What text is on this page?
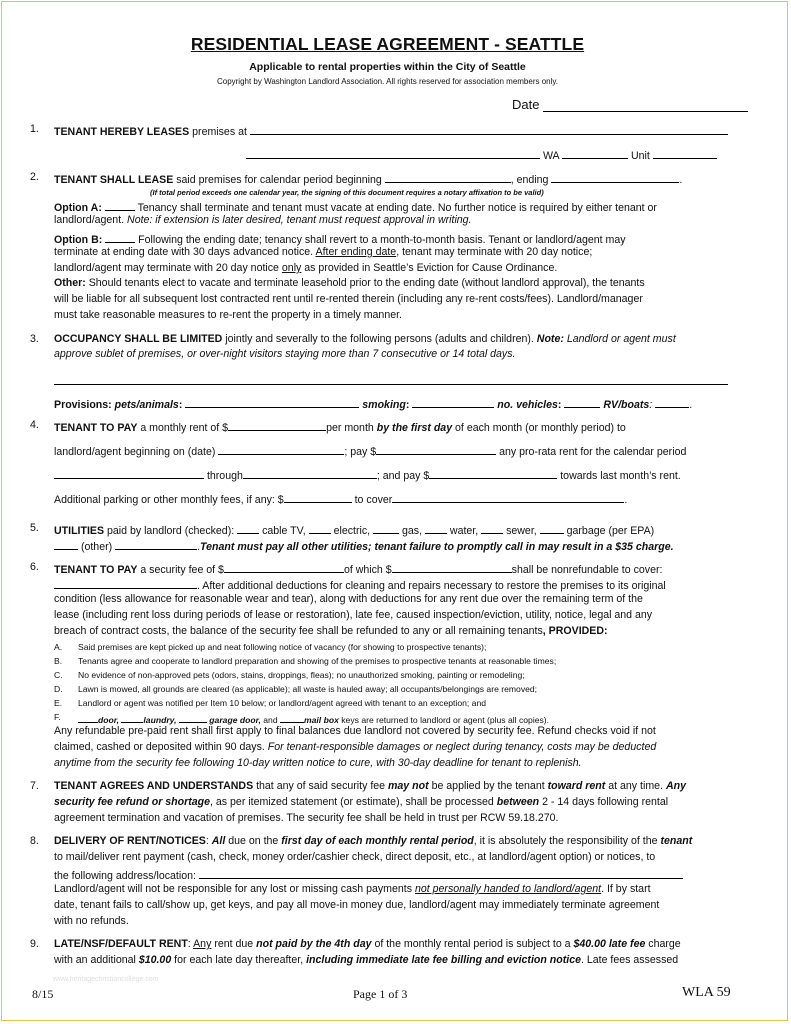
RESIDENTIAL LEASE AGREEMENT - SEATTLE
Applicable to rental properties within the City of Seattle
Copyright by Washington Landlord Association. All rights reserved for association members only.
Date
1. TENANT HEREBY LEASES premises at
WA	Unit
2. TENANT SHALL LEASE said premises for calendar period beginning	, ending	.
(If total period exceeds one calendar year, the signing of this document requires a notary affixation to be valid)
Option A:	Tenancy shall terminate and tenant must vacate at ending date. No further notice is required by either tenant or
landlord/agent. Note: if extension is later desired, tenant must request approval in writing.
Option B:	Following the ending date; tenancy shall revert to a month-to-month basis. Tenant or landlord/agent may
terminate at ending date with 30 days advanced notice. After ending date, tenant may terminate with 20 day notice;
landlord/agent may terminate with 20 day notice only as provided in Seattle’s Eviction for Cause Ordinance.
Other: Should tenants elect to vacate and terminate leasehold prior to the ending date (without landlord approval), the tenants
will be liable for all subsequent lost contracted rent until re-rented therein (including any re-rent costs/fees). Landlord/manager
must take reasonable measures to re-rent the property in a timely manner.
3. OCCUPANCY SHALL BE LIMITED jointly and severally to the following persons (adults and children). Note: Landlord or agent must
approve sublet of premises, or over-night visitors staying more than 7 consecutive or 14 total days.
Provisions: pets/animals:	smoking:	no. vehicles:	RV/boats:	.
4. TENANT TO PAY a monthly rent of $	per month by the first day of each month (or monthly period) to
landlord/agent beginning on (date)	; pay $	any pro-rata rent for the calendar period
through	; and pay $	towards last month’s rent.
Additional parking or other monthly fees, if any: $	to cover	.
5. UTILITIES paid by landlord (checked):  cable TV,  electric,	gas,  water,  sewer,	garbage (per EPA)
(other)	.Tenant must pay all other utilities; tenant failure to promptly call in may result in a $35 charge.
6. TENANT TO PAY a security fee of $	of which $	shall be nonrefundable to cover:
. After additional deductions for cleaning and repairs necessary to restore the premises to its original
condition (less allowance for reasonable wear and tear), along with deductions for any rent due over the remaining term of the
lease (including rent loss during periods of lease or restoration), late fee, caused inspection/eviction, utility, notice, legal and any
breach of contract costs, the balance of the security fee shall be refunded to any or all remaining tenants, PROVIDED:
A. Said premises are kept picked up and neat following notice of vacancy (for showing to prospective tenants);
B. Tenants agree and cooperate to landlord preparation and showing of the premises to prospective tenants at reasonable times;
C. No evidence of non-approved pets (odors, stains, droppings, fleas); no unauthorized smoking, painting or remodeling;
D. Lawn is mowed, all grounds are cleared (as applicable); all waste is hauled away; all occupants/belongings are removed;
E. Landlord or agent was notified per Item 10 below; or landlord/agent agreed with tenant to an exception; and
F.	door,	laundry,	garage door, and	mail box keys are returned to landlord or agent (plus all copies).
Any refundable pre-paid rent shall first apply to final balances due landlord not covered by security fee. Refund checks void if not
claimed, cashed or deposited within 90 days. For tenant-responsible damages or neglect during tenancy, costs may be deducted
anytime from the security fee following 10-day written notice to cure, with 30-day deadline for tenant to replenish.
7. TENANT AGREES AND UNDERSTANDS that any of said security fee may not be applied by the tenant toward rent at any time. Any
security fee refund or shortage, as per itemized statement (or estimate), shall be processed between 2 - 14 days following rental
agreement termination and vacation of premises. The security fee shall be held in trust per RCW 59.18.270.
8. DELIVERY OF RENT/NOTICES: All due on the first day of each monthly rental period, it is absolutely the responsibility of the tenant
to mail/deliver rent payment (cash, check, money order/cashier check, direct deposit, etc., at landlord/agent option) or notices, to
the following address/location:
Landlord/agent will not be responsible for any lost or missing cash payments not personally handed to landlord/agent. If by start
date, tenant fails to call/show up, get keys, and pay all move-in money due, landlord/agent may immediately terminate agreement
with no refunds.
9. LATE/NSF/DEFAULT RENT: Any rent due not paid by the 4th day of the monthly rental period is subject to a $40.00 late fee charge
with an additional $10.00 for each late day thereafter, including immediate late fee billing and eviction notice. Late fees assessed
www.heritagechristiancollege.com
8/15	Page 1 of 3	WLA 59
